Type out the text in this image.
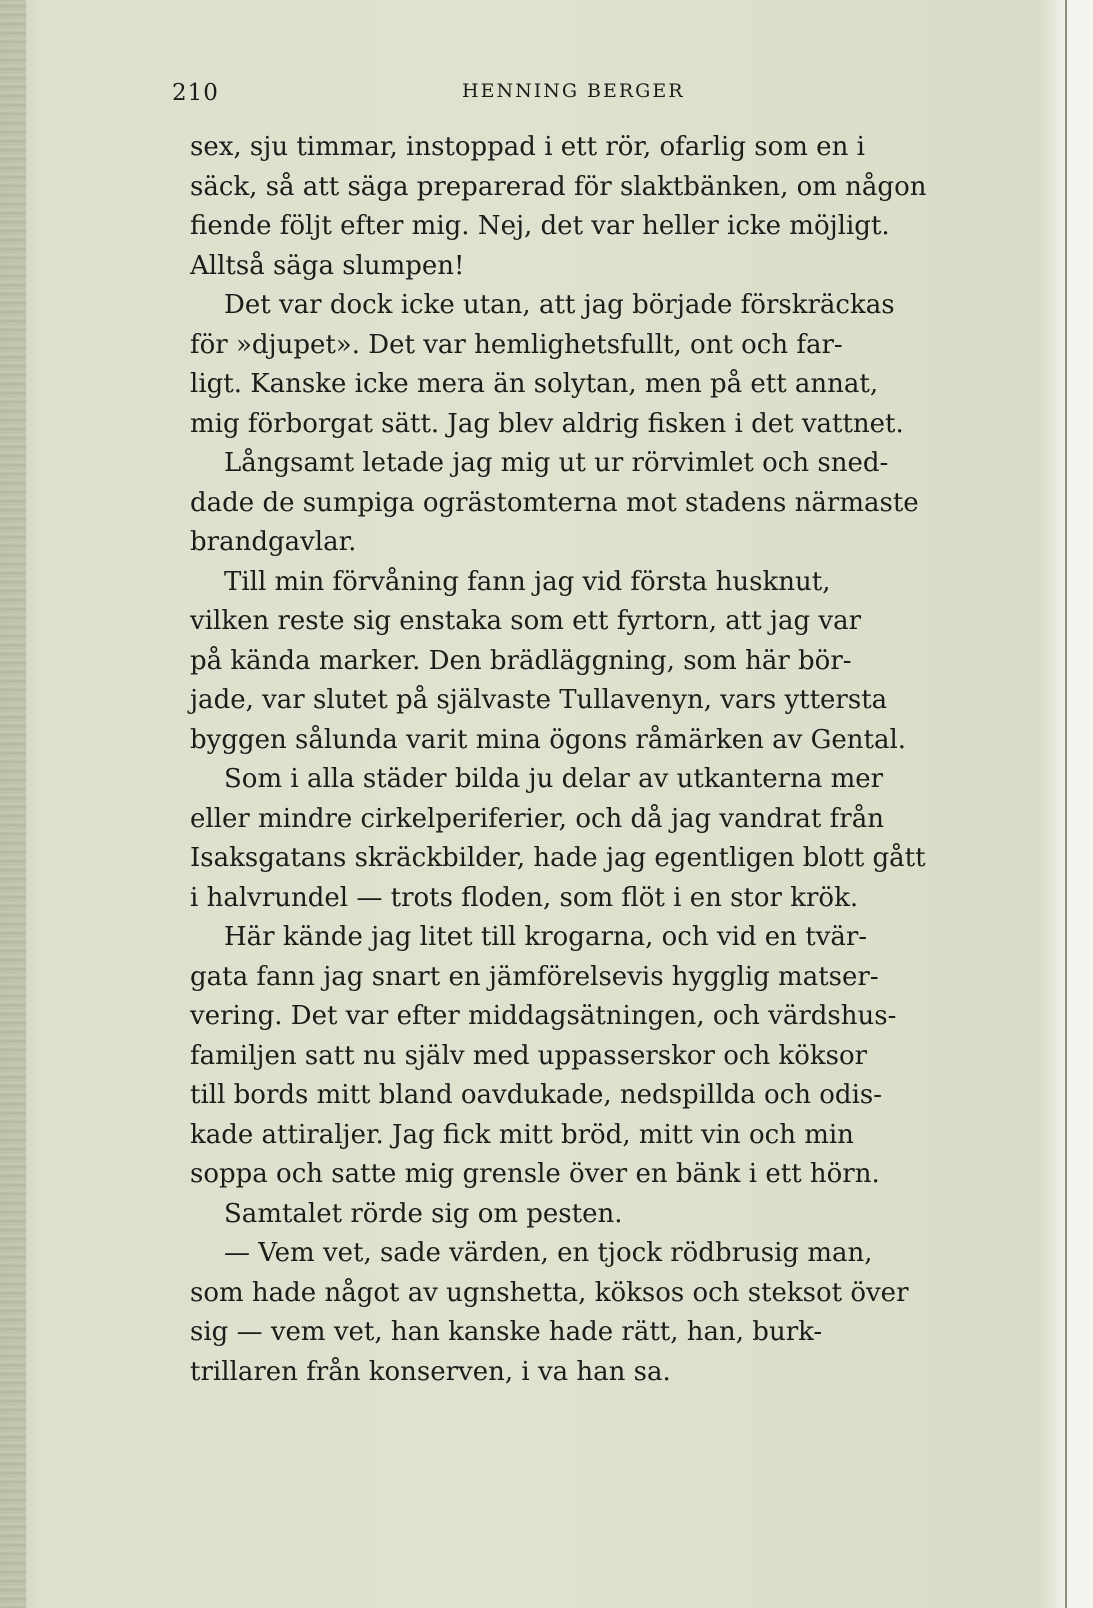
210	HENNING BERGER
sex, sju timmar, instoppad i ett rör, ofarlig som en i
säck, så att säga preparerad för slaktbänken, om någon
fiende följt efter mig. Nej, det var heller icke möjligt.
Alltså säga slumpen!
Det var dock icke utan, att jag började förskräckas
för »djupet». Det var hemlighetsfullt, ont och far-
ligt. Kanske icke mera än solytan, men på ett annat,
mig förborgat sätt. Jag blev aldrig fisken i det vattnet.
Långsamt letade jag mig ut ur rörvimlet och sned-
dade de sumpiga ogrästomterna mot stadens närmaste
brandgavlar.
Till min förvåning fann jag vid första husknut,
vilken reste sig enstaka som ett fyrtorn, att jag var
på kända marker. Den brädläggning, som här bör-
jade, var slutet på självaste Tullavenyn, vars yttersta
byggen sålunda varit mina ögons råmärken av Gental.
Som i alla städer bilda ju delar av utkanterna mer
eller mindre cirkelperiferier, och då jag vandrat från
Isaksgatans skräckbilder, hade jag egentligen blott gått
i halvrundel — trots floden, som flöt i en stor krök.
Här kände jag litet till krogarna, och vid en tvär-
gata fann jag snart en jämförelsevis hygglig matser-
vering. Det var efter middagsätningen, och värdshus-
familjen satt nu själv med uppasserskor och köksor
till bords mitt bland oavdukade, nedspillda och odis-
kade attiraljer. Jag fick mitt bröd, mitt vin och min
soppa och satte mig grensle över en bänk i ett hörn.
Samtalet rörde sig om pesten.
— Vem vet, sade värden, en tjock rödbrusig man,
som hade något av ugnshetta, köksos och steksot över
sig — vem vet, han kanske hade rätt, han, burk-
trillaren från konserven, i va han sa.
